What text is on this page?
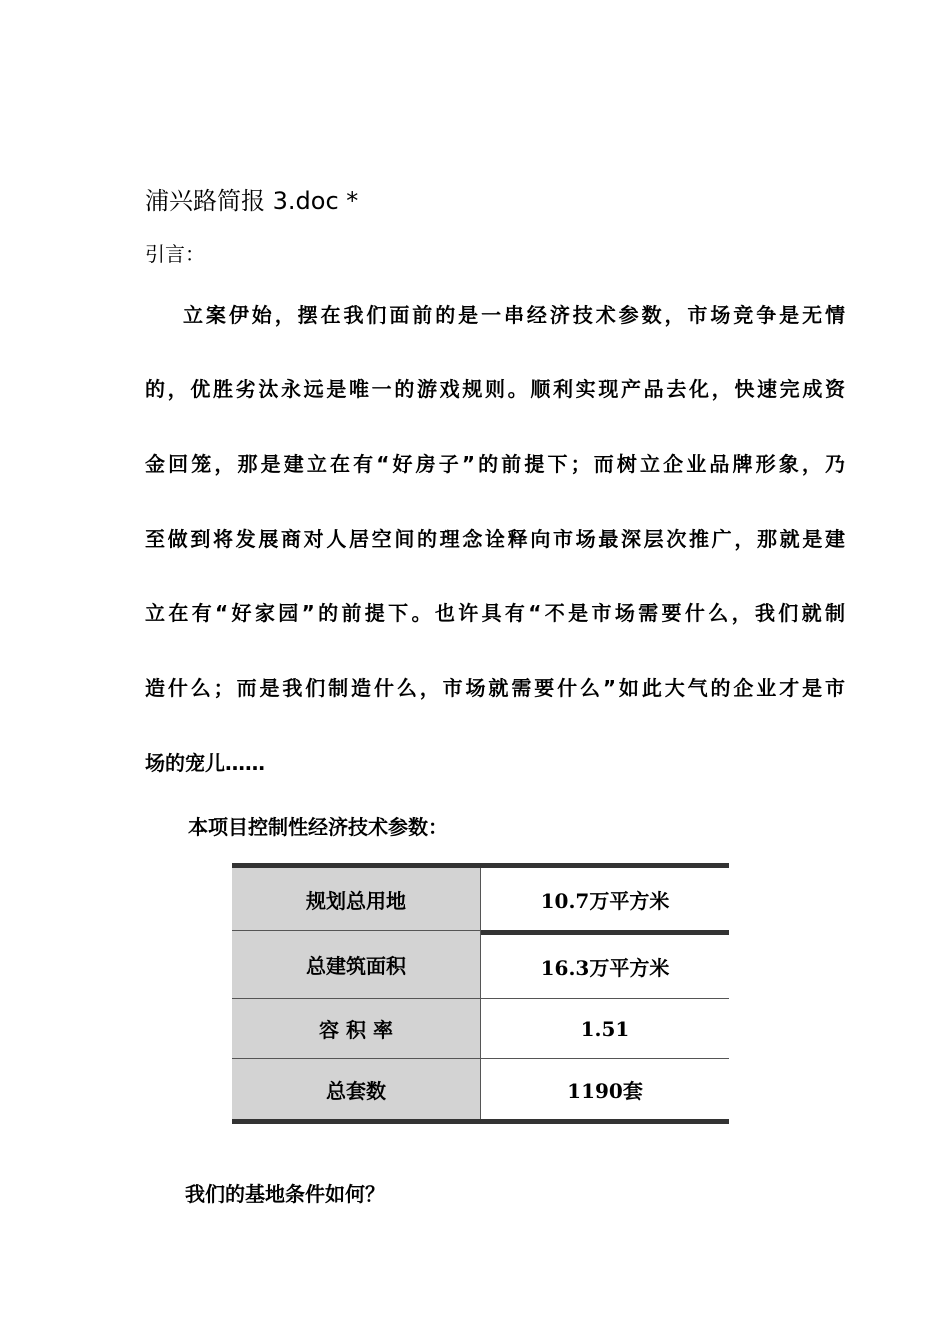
浦兴路简报 3.doc *
引言：
立案伊始，摆在我们面前的是一串经济技术参数，市场竞争是无情
的，优胜劣汰永远是唯一的游戏规则。顺利实现产品去化，快速完成资
金回笼，那是建立在有“好房子”的前提下；而树立企业品牌形象，乃
至做到将发展商对人居空间的理念诠释向市场最深层次推广，那就是建
立在有“好家园”的前提下。也许具有“不是市场需要什么，我们就制
造什么；而是我们制造什么，市场就需要什么”如此大气的企业才是市
场的宠儿……
本项目控制性经济技术参数：
规划总用地	10.7万平方米
总建筑面积	16.3万平方米
容 积 率	1.51
总套数	1190套
我们的基地条件如何？
